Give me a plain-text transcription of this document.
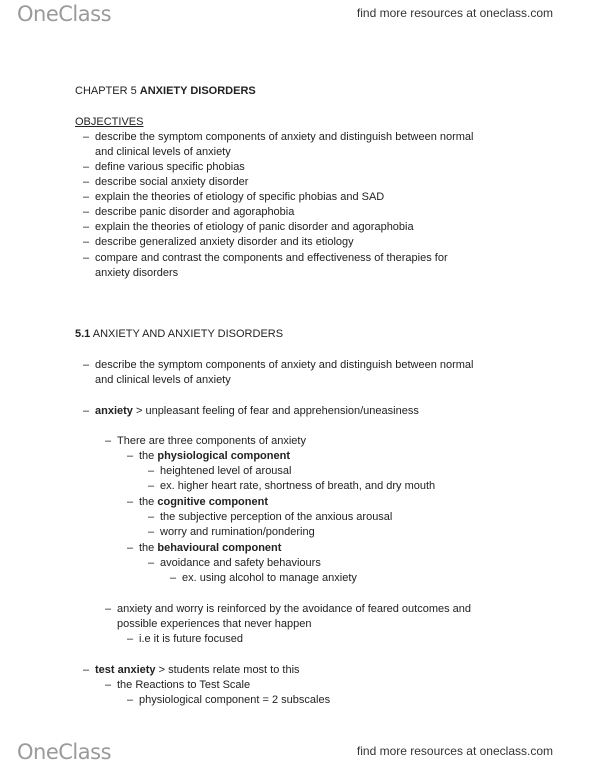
OneClass	find more resources at oneclass.com
CHAPTER 5 ANXIETY DISORDERS
OBJECTIVES
– describe the symptom components of anxiety and distinguish between normal
and clinical levels of anxiety
– define various specific phobias
– describe social anxiety disorder
– explain the theories of etiology of specific phobias and SAD
– describe panic disorder and agoraphobia
– explain the theories of etiology of panic disorder and agoraphobia
– describe generalized anxiety disorder and its etiology
– compare and contrast the components and effectiveness of therapies for
anxiety disorders
5.1 ANXIETY AND ANXIETY DISORDERS
– describe the symptom components of anxiety and distinguish between normal
and clinical levels of anxiety
– anxiety > unpleasant feeling of fear and apprehension/uneasiness
– There are three components of anxiety
– the physiological component
– heightened level of arousal
– ex. higher heart rate, shortness of breath, and dry mouth
– the cognitive component
– the subjective perception of the anxious arousal
– worry and rumination/pondering
– the behavioural component
– avoidance and safety behaviours
– ex. using alcohol to manage anxiety
– anxiety and worry is reinforced by the avoidance of feared outcomes and
possible experiences that never happen
– i.e it is future focused
– test anxiety > students relate most to this
– the Reactions to Test Scale
– physiological component = 2 subscales
OneClass	find more resources at oneclass.com
